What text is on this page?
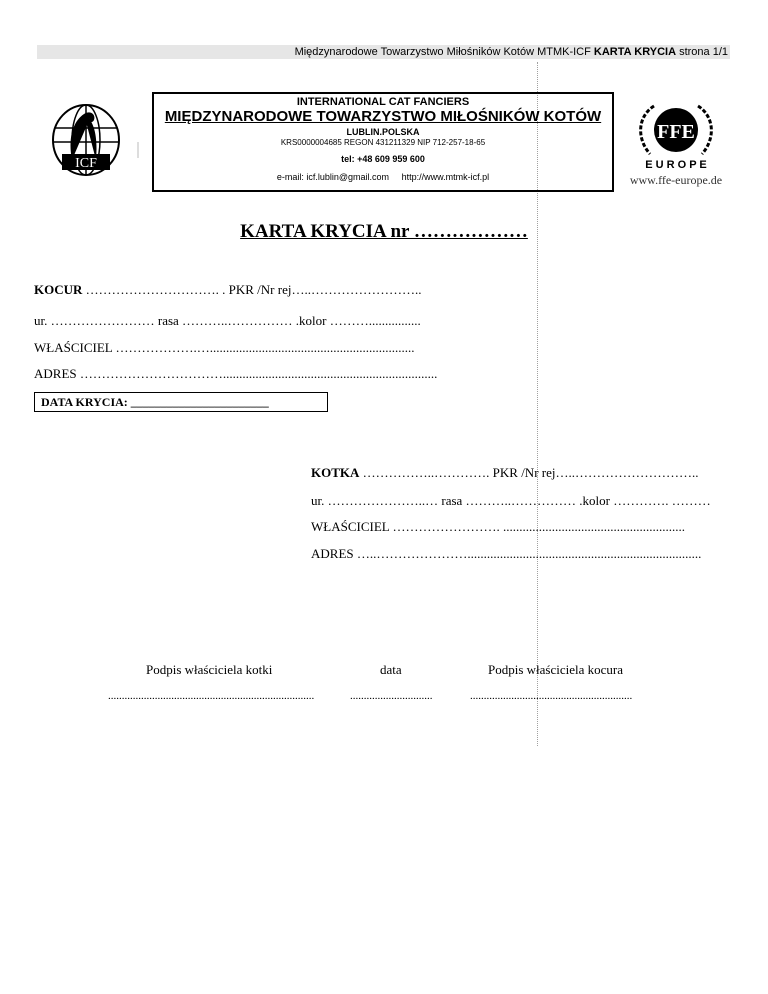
Międzynarodowe Towarzystwo Miłośników Kotów MTMK-ICF KARTA KRYCIA strona 1/1
ICF
INTERNATIONAL CAT FANCIERS
MIĘDZYNARODOWE TOWARZYSTWO MIŁOŚNIKÓW KOTÓW
LUBLIN.POLSKA
KRS0000004685 REGON 431211329 NIP 712-257-18-65
tel: +48 609 959 600
e-mail: icf.lublin@gmail.com http://www.mtmk-icf.pl
FFE
E U R O P E
www.ffe-europe.de
KARTA KRYCIA nr ………………
KOCUR …………………………. . PKR /Nr rej…..……………………..
ur. …………………… rasa ………..…………… .kolor ………................
WŁAŚCICIEL ……………….…...............................................................
ADRES ……………………………..................................................................
DATA KRYCIA: _______________________
KOTKA ……………..…………. PKR /Nr rej…..………………………..
ur. …………………..… rasa ………..…………… .kolor …………. ………
WŁAŚCICIEL ……………………. ........................................................
ADRES …..…………………........................................................................
Podpis właściciela kotki	data	Podpis właściciela kocura
...........................................................................	..............................	...........................................................
